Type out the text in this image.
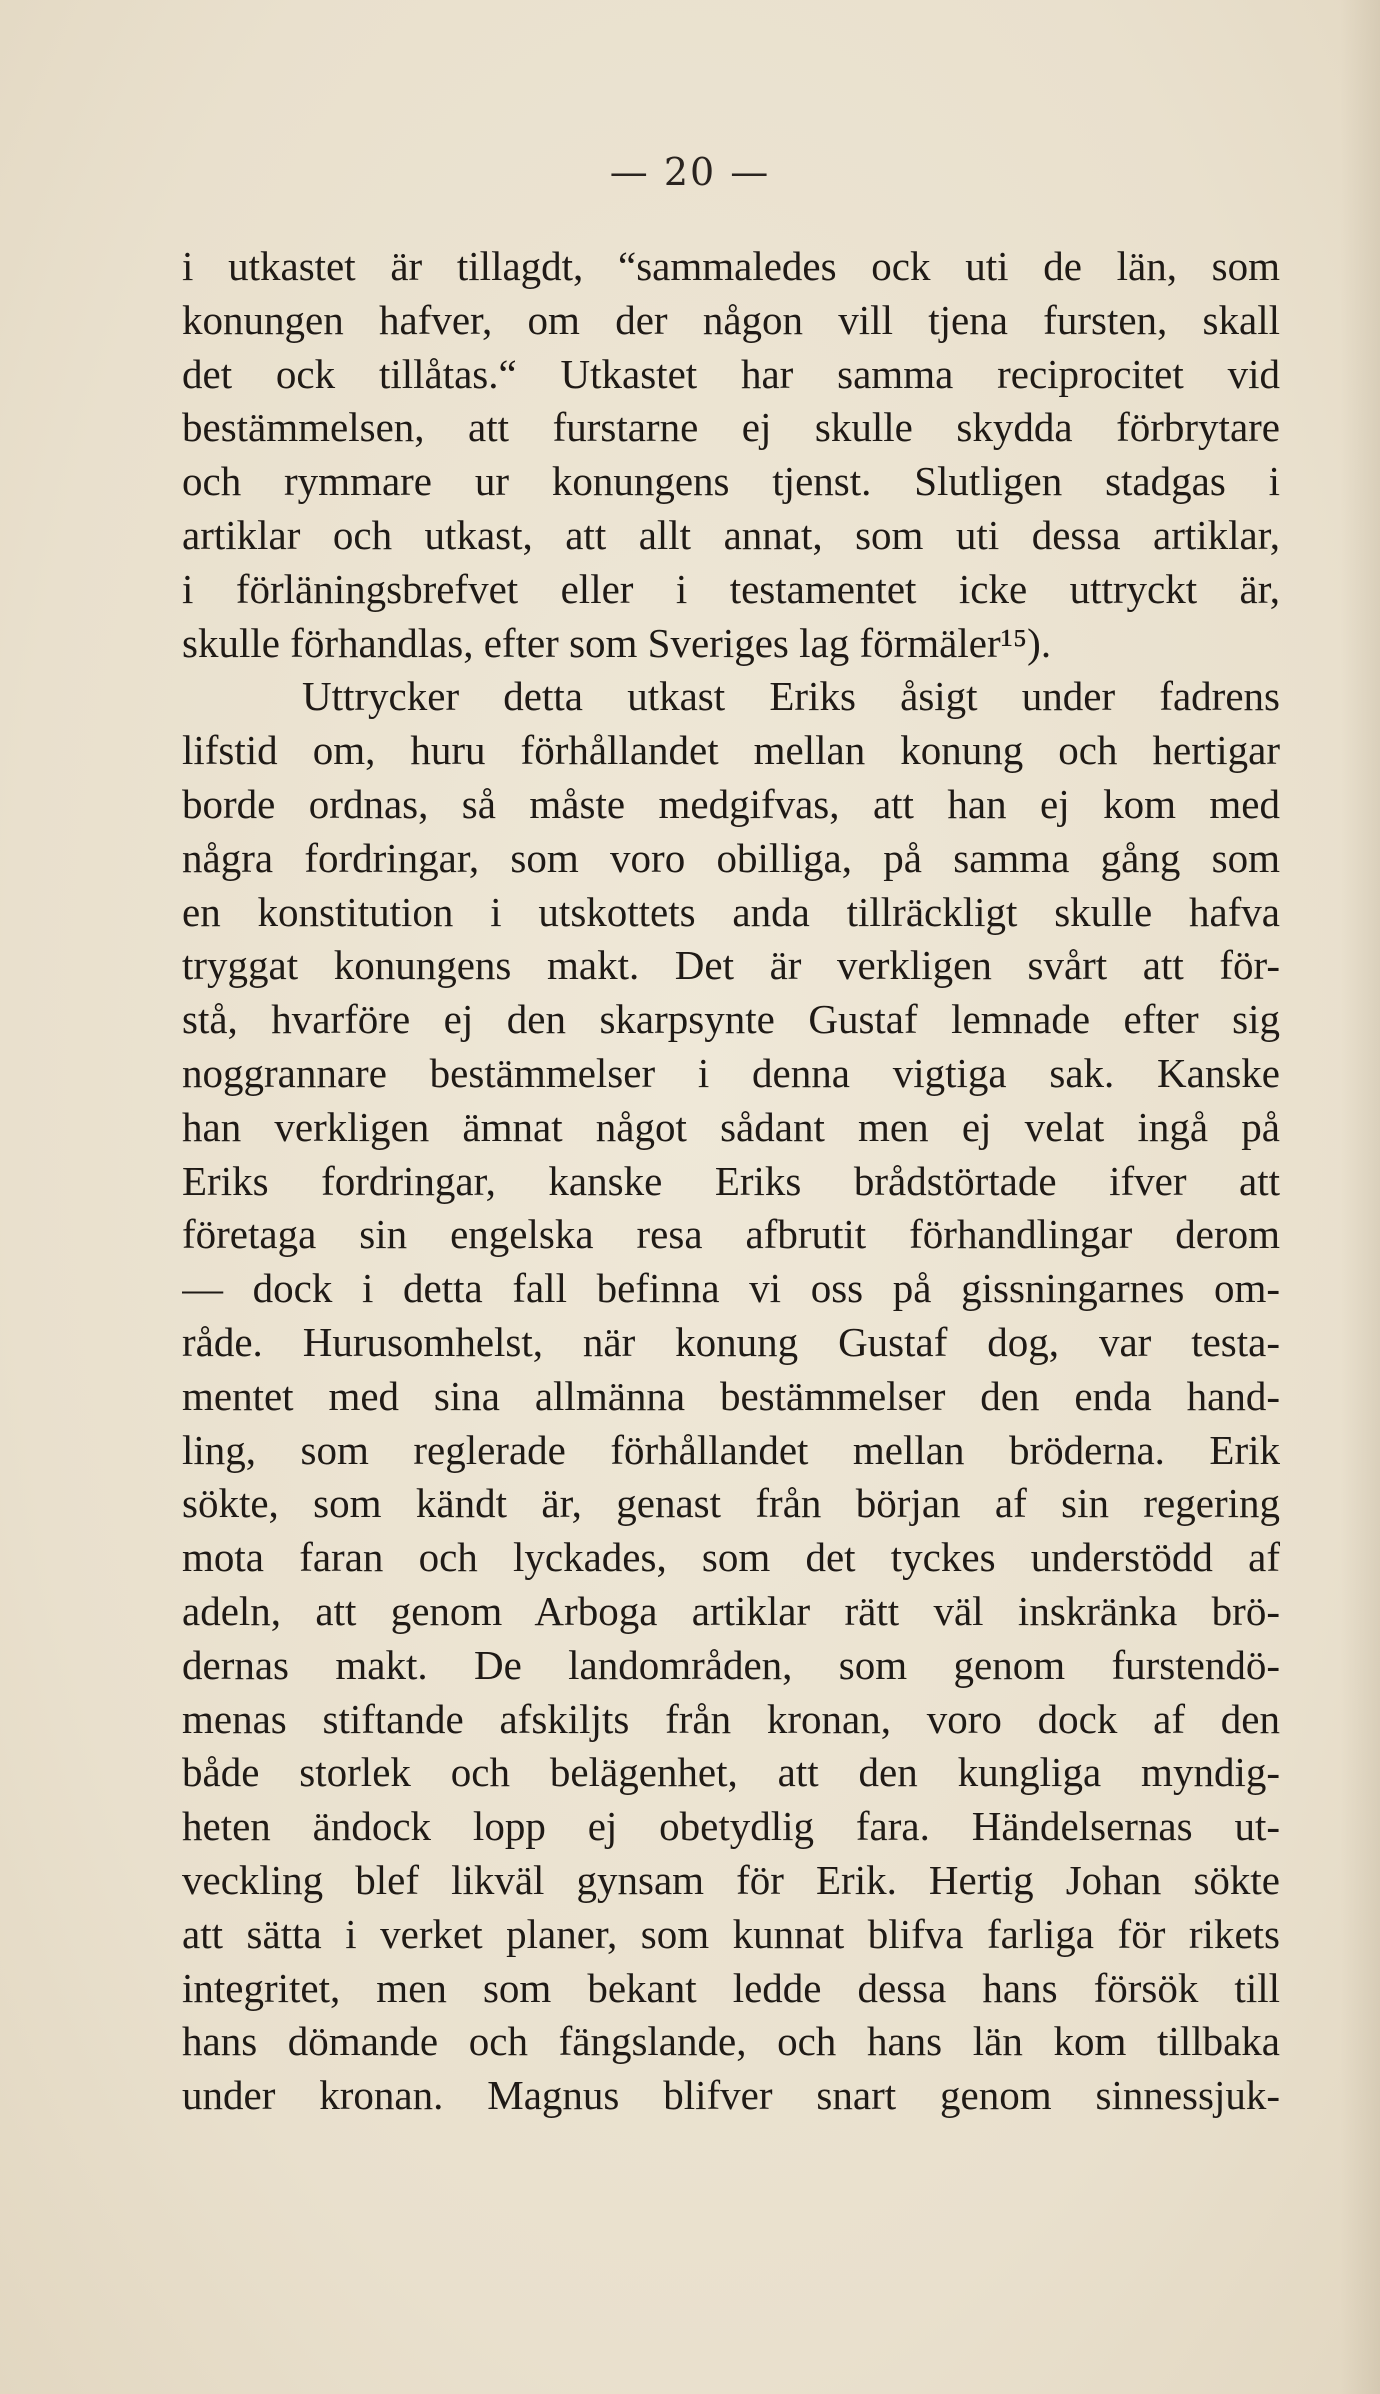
— 20 —
i utkastet är tillagdt, “sammaledes ock uti de län, som
konungen hafver, om der någon vill tjena fursten, skall
det ock tillåtas.“ Utkastet har samma reciprocitet vid
bestämmelsen, att furstarne ej skulle skydda förbrytare
och rymmare ur konungens tjenst. Slutligen stadgas i
artiklar och utkast, att allt annat, som uti dessa artiklar,
i förläningsbrefvet eller i testamentet icke uttryckt är,
skulle förhandlas, efter som Sveriges lag förmäler¹⁵).
Uttrycker detta utkast Eriks åsigt under fadrens
lifstid om, huru förhållandet mellan konung och hertigar
borde ordnas, så måste medgifvas, att han ej kom med
några fordringar, som voro obilliga, på samma gång som
en konstitution i utskottets anda tillräckligt skulle hafva
tryggat konungens makt. Det är verkligen svårt att för-
stå, hvarföre ej den skarpsynte Gustaf lemnade efter sig
noggrannare bestämmelser i denna vigtiga sak. Kanske
han verkligen ämnat något sådant men ej velat ingå på
Eriks fordringar, kanske Eriks brådstörtade ifver att
företaga sin engelska resa afbrutit förhandlingar derom
— dock i detta fall befinna vi oss på gissningarnes om-
råde. Hurusomhelst, när konung Gustaf dog, var testa-
mentet med sina allmänna bestämmelser den enda hand-
ling, som reglerade förhållandet mellan bröderna. Erik
sökte, som kändt är, genast från början af sin regering
mota faran och lyckades, som det tyckes understödd af
adeln, att genom Arboga artiklar rätt väl inskränka brö-
dernas makt. De landområden, som genom furstendö-
menas stiftande afskiljts från kronan, voro dock af den
både storlek och belägenhet, att den kungliga myndig-
heten ändock lopp ej obetydlig fara. Händelsernas ut-
veckling blef likväl gynsam för Erik. Hertig Johan sökte
att sätta i verket planer, som kunnat blifva farliga för rikets
integritet, men som bekant ledde dessa hans försök till
hans dömande och fängslande, och hans län kom tillbaka
under kronan. Magnus blifver snart genom sinnessjuk-
